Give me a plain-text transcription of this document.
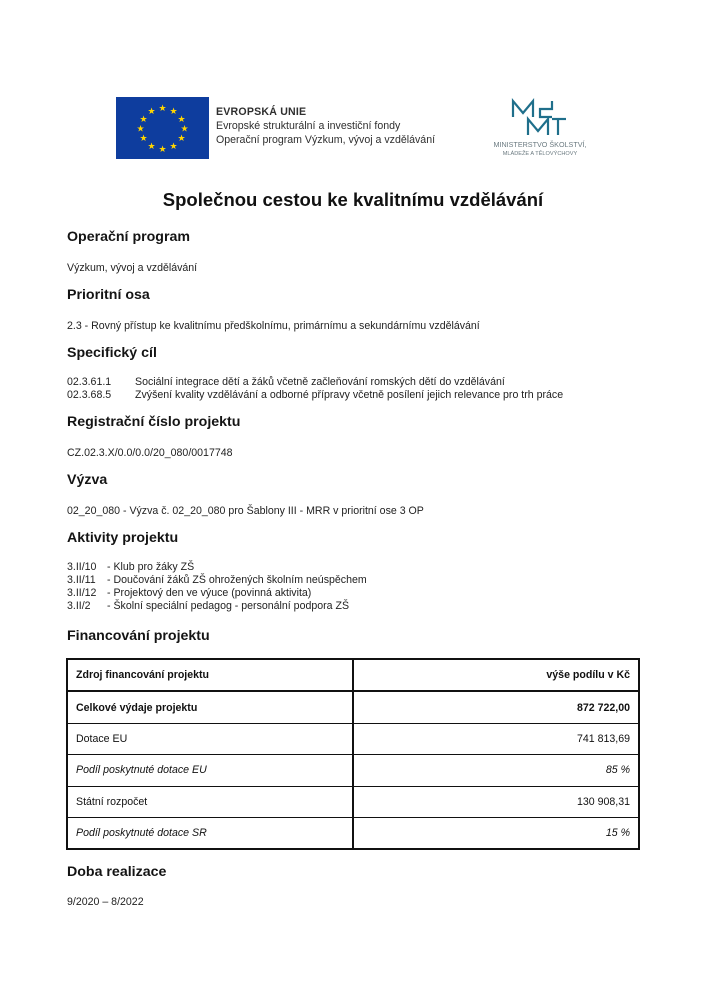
★ ★
★
★
★
★
★
★
★
★
★
★	EVROPSKÁ UNIE
Evropské strukturální a investiční fondy
Operační program Výzkum, vývoj a vzdělávání	MINISTERSTVO ŠKOLSTVÍ,
MLÁDEŽE A TĚLOVÝCHOVY
Společnou cestou ke kvalitnímu vzdělávání
Operační program
Výzkum, vývoj a vzdělávání
Prioritní osa
2.3 - Rovný přístup ke kvalitnímu předškolnímu, primárnímu a sekundárnímu vzdělávání
Specifický cíl
02.3.61.1 Sociální integrace dětí a žáků včetně začleňování romských dětí do vzdělávání
02.3.68.5 Zvýšení kvality vzdělávání a odborné přípravy včetně posílení jejich relevance pro trh práce
Registrační číslo projektu
CZ.02.3.X/0.0/0.0/20_080/0017748
Výzva
02_20_080 - Výzva č. 02_20_080 pro Šablony III - MRR v prioritní ose 3 OP
Aktivity projektu
3.II/10 - Klub pro žáky ZŠ
3.II/11 - Doučování žáků ZŠ ohrožených školním neúspěchem
3.II/12 - Projektový den ve výuce (povinná aktivita)
3.II/2 - Školní speciální pedagog - personální podpora ZŠ
Financování projektu
Zdroj financování projektu	výše podílu v Kč
Celkové výdaje projektu	872 722,00
Dotace EU	741 813,69
Podíl poskytnuté dotace EU	85 %
Státní rozpočet	130 908,31
Podíl poskytnuté dotace SR	15 %
Doba realizace
9/2020 – 8/2022
